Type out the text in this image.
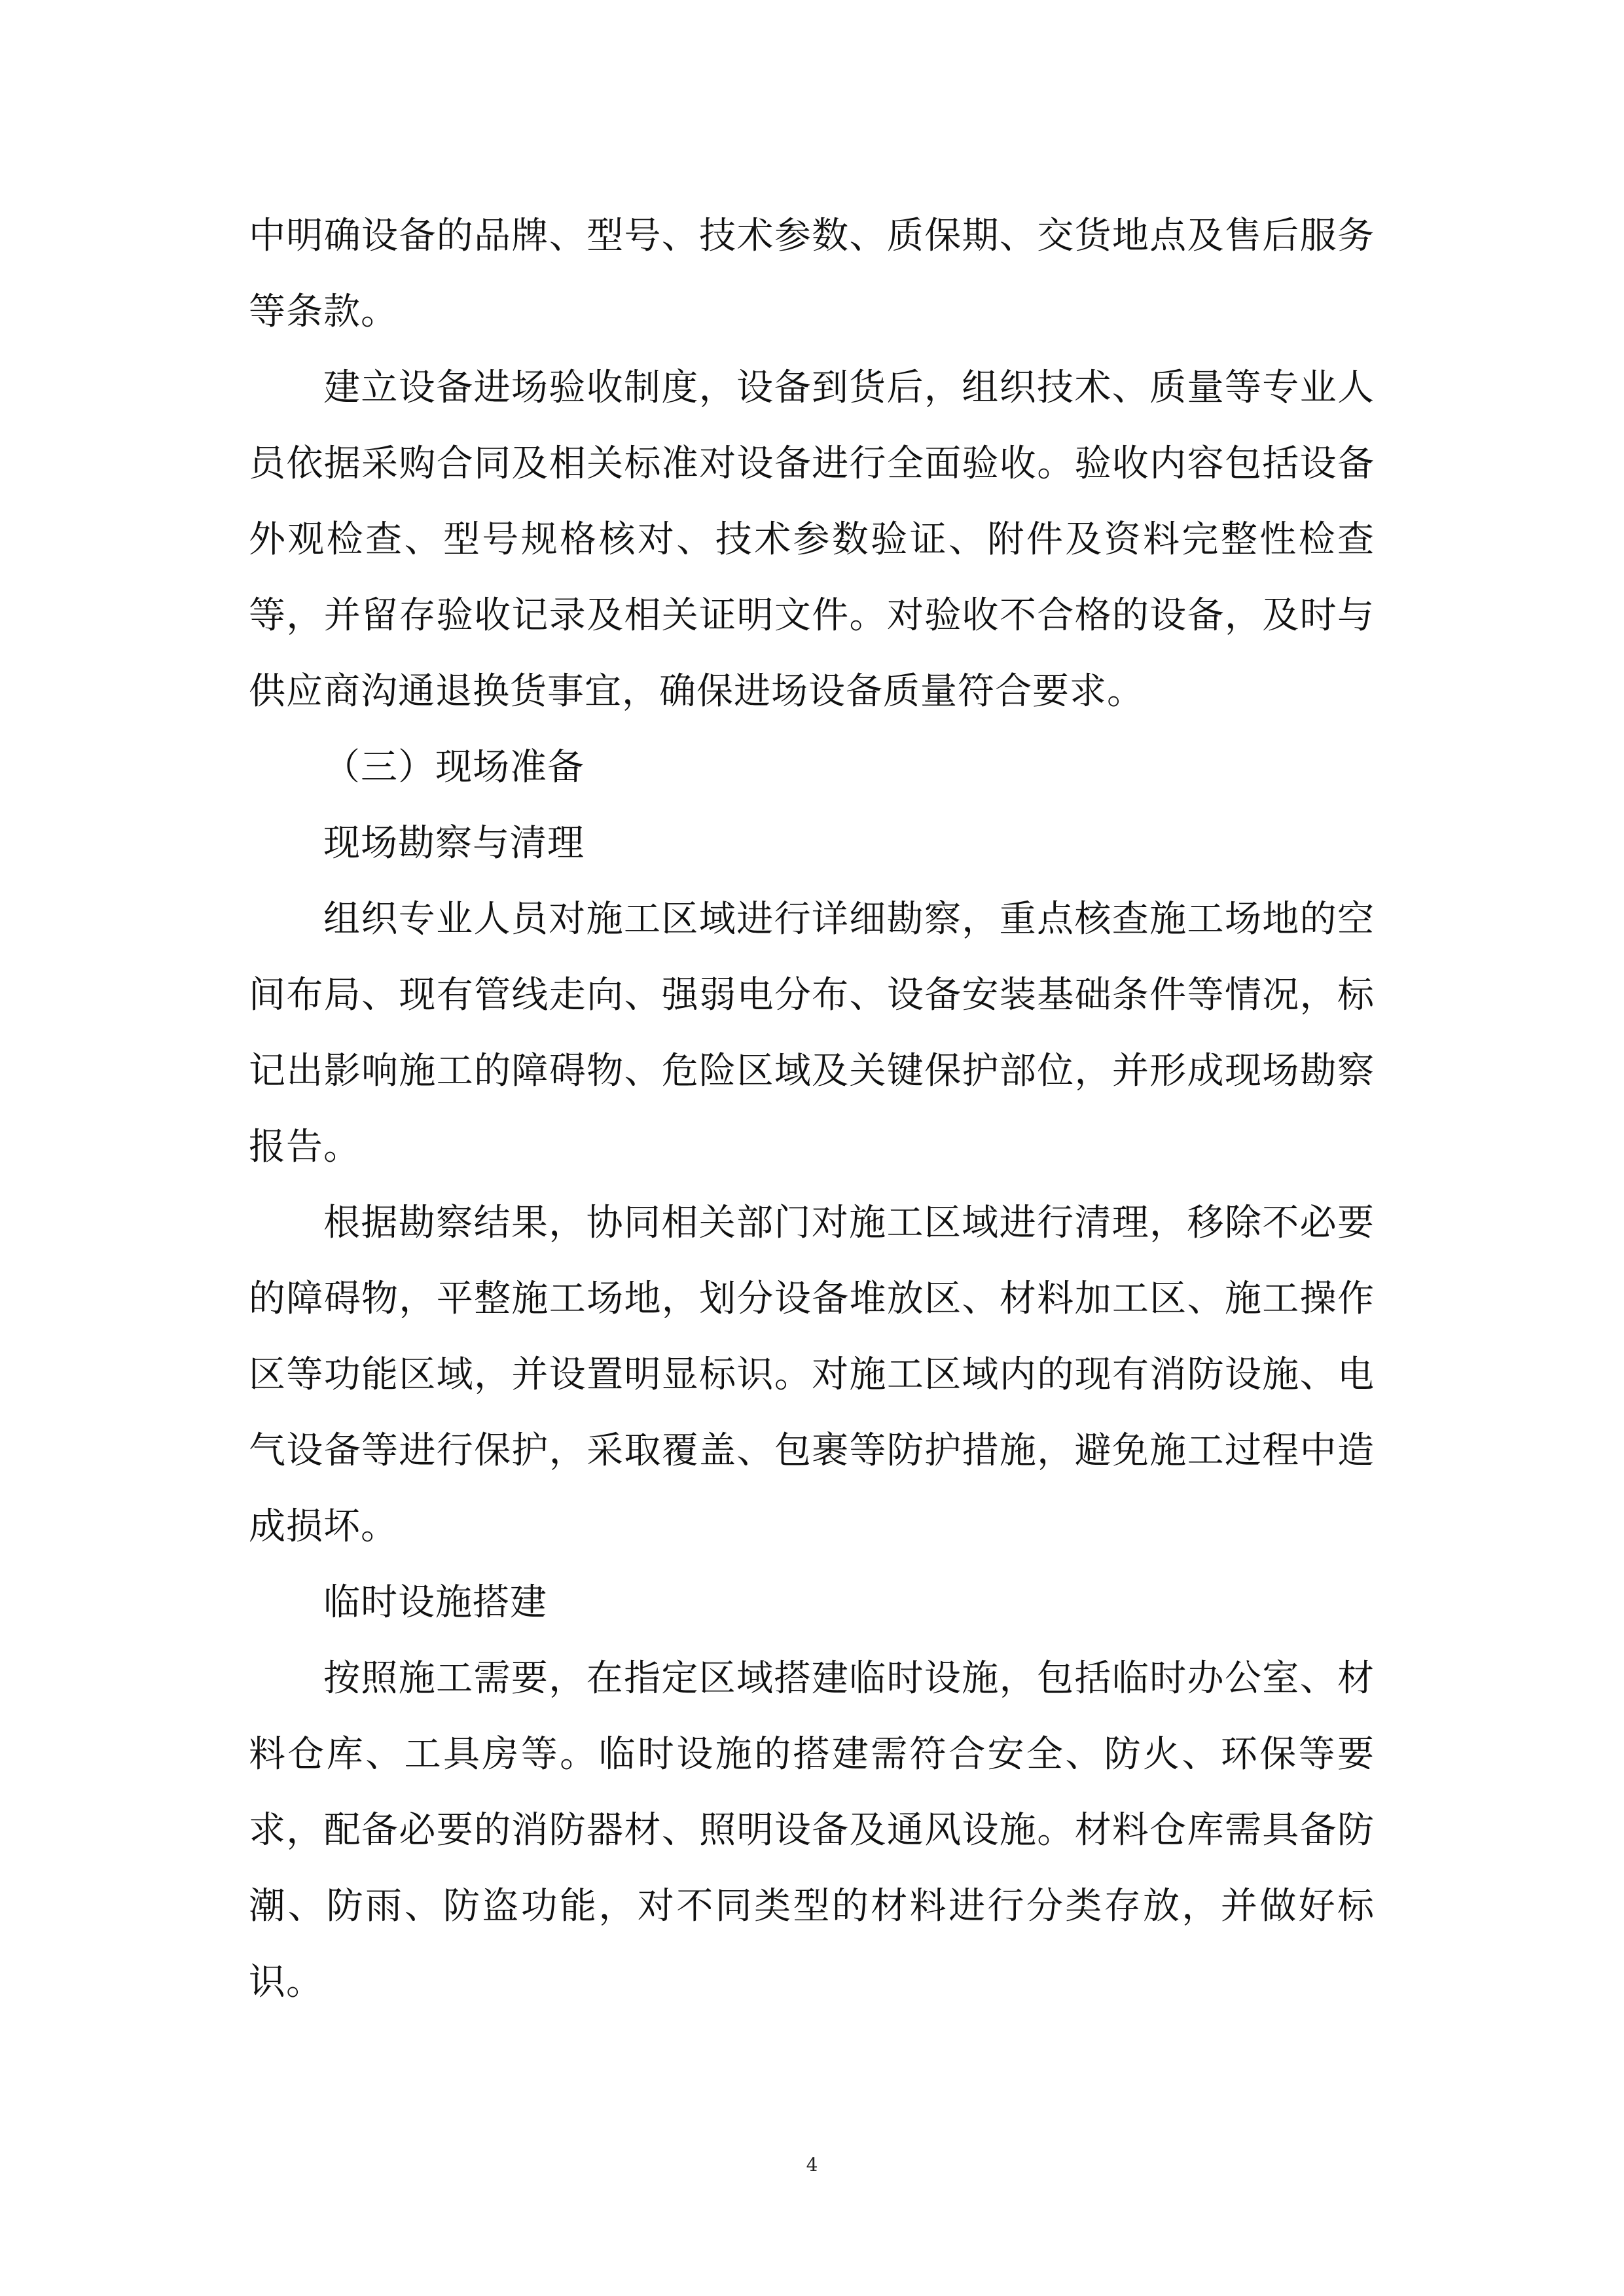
中明确设备的品牌、型号、技术参数、质保期、交货地点及售后服务等条款。

建立设备进场验收制度，设备到货后，组织技术、质量等专业人员依据采购合同及相关标准对设备进行全面验收。验收内容包括设备外观检查、型号规格核对、技术参数验证、附件及资料完整性检查等，并留存验收记录及相关证明文件。对验收不合格的设备，及时与供应商沟通退换货事宜，确保进场设备质量符合要求。

（三）现场准备

现场勘察与清理

组织专业人员对施工区域进行详细勘察，重点核查施工场地的空间布局、现有管线走向、强弱电分布、设备安装基础条件等情况，标记出影响施工的障碍物、危险区域及关键保护部位，并形成现场勘察报告。

根据勘察结果，协同相关部门对施工区域进行清理，移除不必要的障碍物，平整施工场地，划分设备堆放区、材料加工区、施工操作区等功能区域，并设置明显标识。对施工区域内的现有消防设施、电气设备等进行保护，采取覆盖、包裹等防护措施，避免施工过程中造成损坏。

临时设施搭建

按照施工需要，在指定区域搭建临时设施，包括临时办公室、材料仓库、工具房等。临时设施的搭建需符合安全、防火、环保等要求，配备必要的消防器材、照明设备及通风设施。材料仓库需具备防潮、防雨、防盗功能，对不同类型的材料进行分类存放，并做好标识。

4
